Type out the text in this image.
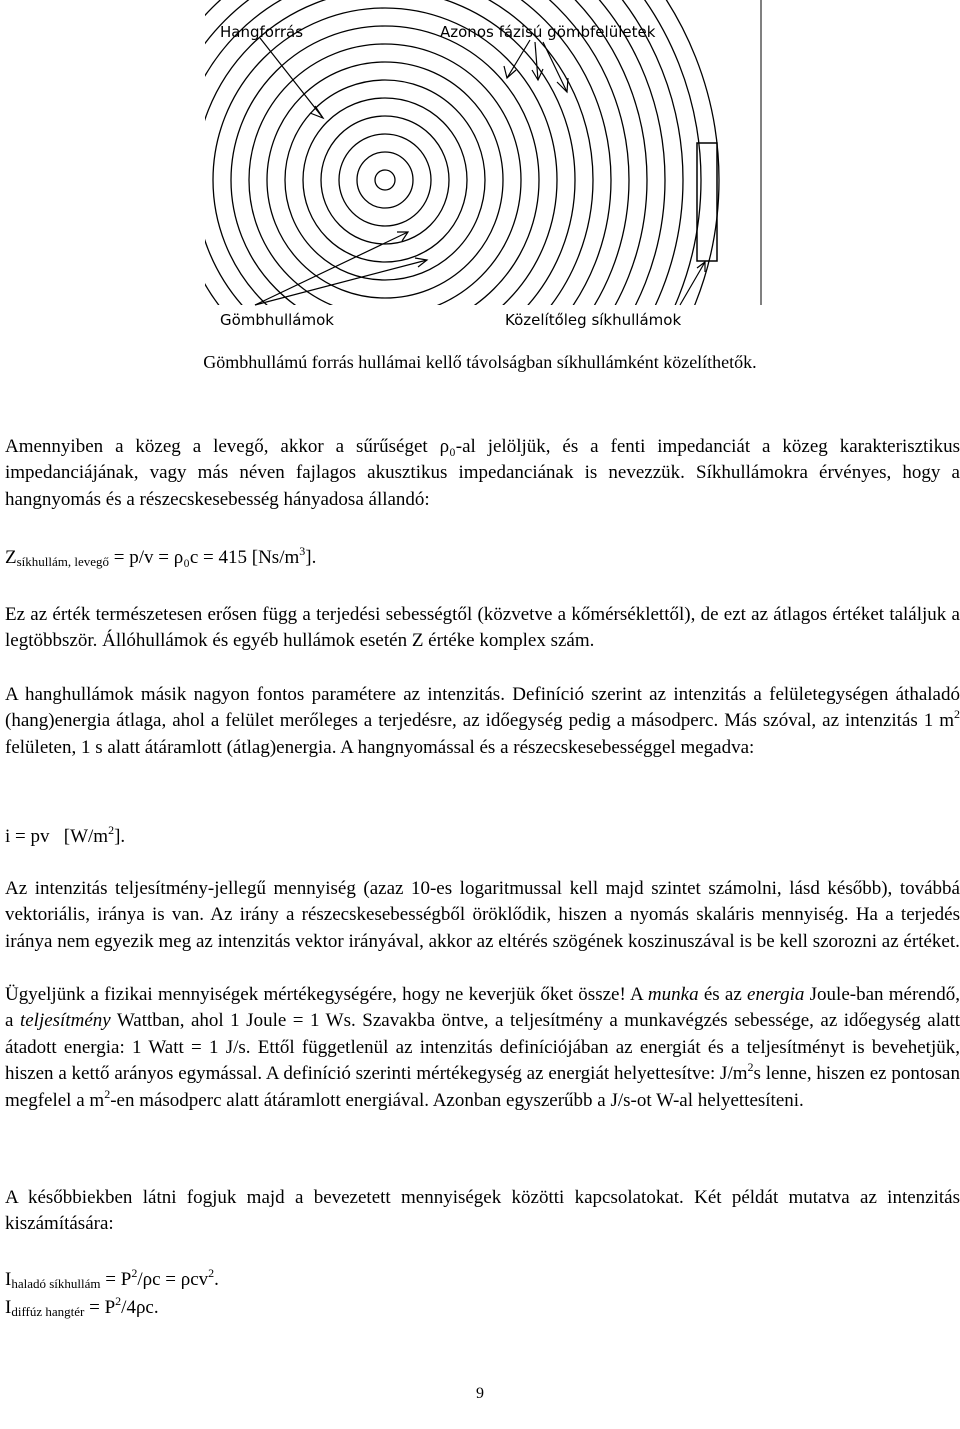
Hangforrás	Azonos fázisú gömbfelületek
Gömbhullámok	Közelítőleg síkhullámok
Gömbhullámú forrás hullámai kellő távolságban síkhullámként közelíthetők.
Amennyiben a közeg a levegő, akkor a sűrűséget ρ₀-al jelöljük, és a fenti impedanciát a közeg karakterisztikus impedanciájának, vagy más néven fajlagos akusztikus impedanciának is nevezzük. Síkhullámokra érvényes, hogy a hangnyomás és a részecskesebesség hányadosa állandó:
$Z_{síkhullám, levegő} = p/v = \rho_0c = 415$ $[Ns/m^3]$.
Ez az érték természetesen erősen függ a terjedési sebességtől (közvetve a kőmérséklettől), de ezt az átlagos értéket találjuk a legtöbbször. Állóhullámok és egyéb hullámok esetén Z értéke komplex szám.
A hanghullámok másik nagyon fontos paramétere az intenzitás. Definíció szerint az intenzitás a felületegységen áthaladó (hang)energia átlaga, ahol a felület merőleges a terjedésre, az időegység pedig a másodperc. Más szóval, az intenzitás 1 $m^2$ felületen, 1 s alatt átáramlott (átlag)energia. A hangnyomással és a részecskesebességgel megadva:
i = pv   $[W/m^2]$.
Az intenzitás teljesítmény-jellegű mennyiség (azaz 10-es logaritmussal kell majd szintet számolni, lásd később), továbbá vektoriális, iránya is van. Az irány a részecskesebességből öröklődik, hiszen a nyomás skaláris mennyiség. Ha a terjedés iránya nem egyezik meg az intenzitás vektor irányával, akkor az eltérés szögének koszinuszával is be kell szorozni az értéket.
Ügyeljünk a fizikai mennyiségek mértékegységére, hogy ne keverjük őket össze! A munka és az energia Joule-ban mérendő, a teljesítmény Wattban, ahol 1 Joule = 1 Ws. Szavakba öntve, a teljesítmény a munkavégzés sebessége, az időegység alatt átadott energia: 1 Watt = 1 J/s. Ettől függetlenül az intenzitás definíciójában az energiát és a teljesítményt is bevehetjük, hiszen a kettő arányos egymással. A definíció szerinti mértékegység az energiát helyettesítve: $J/m^2s$ lenne, hiszen ez pontosan megfelel a $m^2-en$ másodperc alatt átáramlott energiával. Azonban egyszerűbb a J/s-ot W-al helyettesíteni.
A későbbiekben látni fogjuk majd a bevezetett mennyiségek közötti kapcsolatokat. Két példát mutatva az intenzitás kiszámítására:
$I_{haladó síkhullám} = P^2/\rho c = \rho cv^2$.
$I_{diffúz hangtér} = P^2/4\rho c$.
9
